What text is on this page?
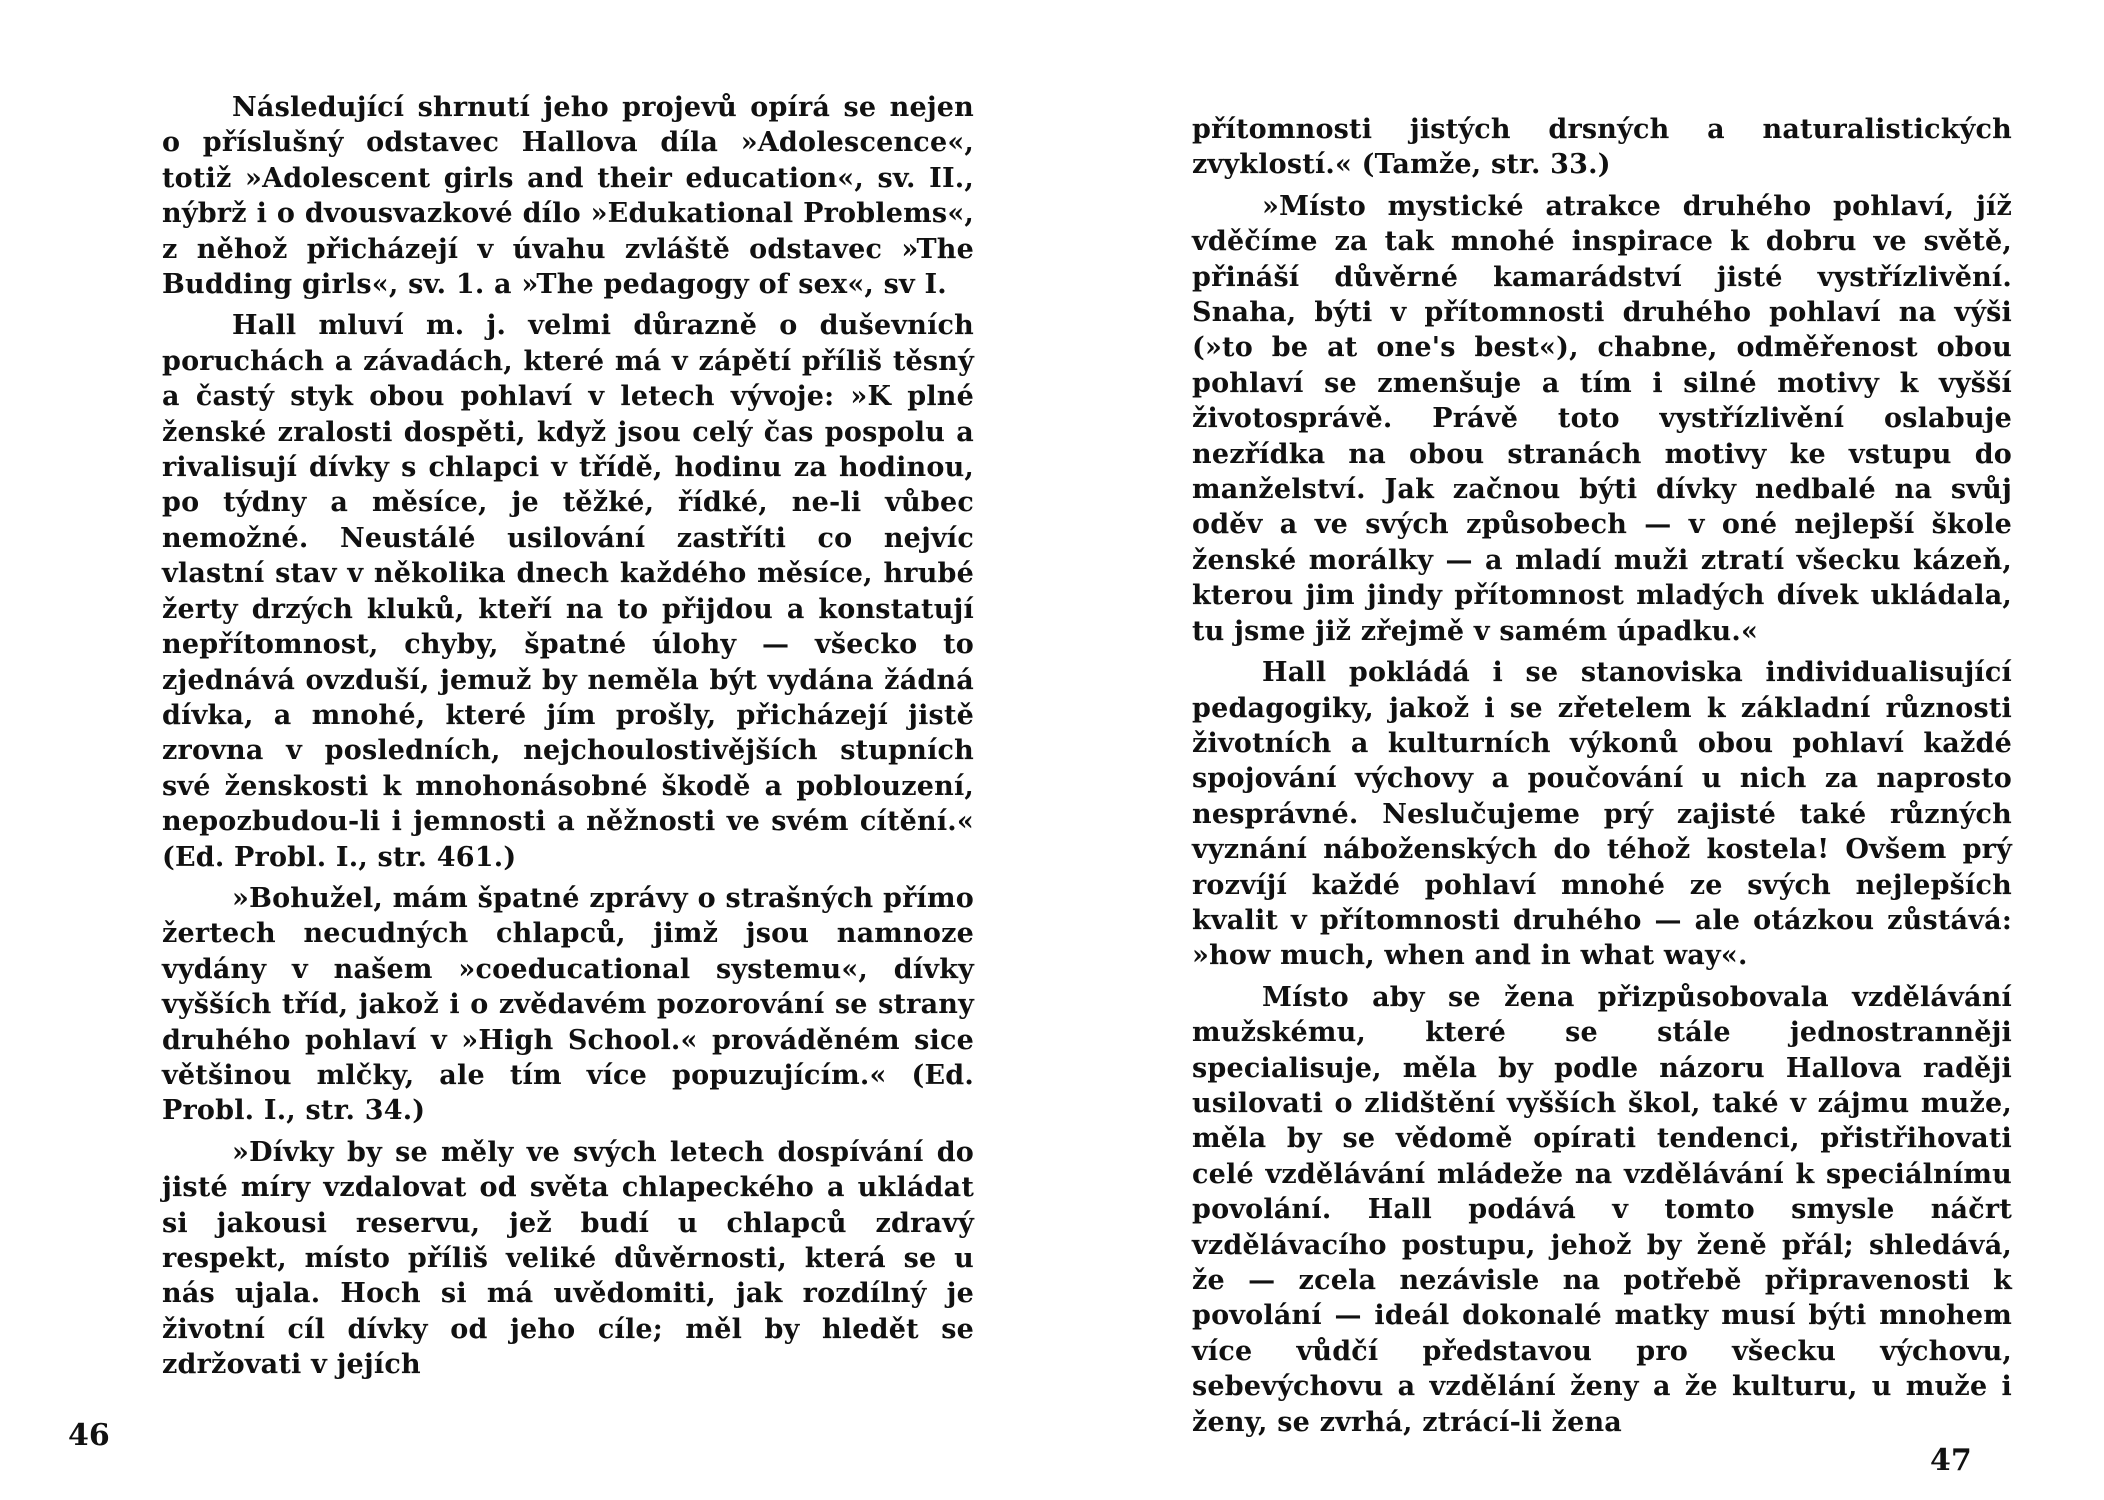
Následující shrnutí jeho projevů opírá se nejen o příslušný odstavec Hallova díla »Adolescence«, totiž »Adolescent girls and their education«, sv. II., nýbrž i o dvousvazkové dílo »Edukational Problems«, z něhož přicházejí v úvahu zvláště odstavec »The Budding girls«, sv. 1. a »The pedagogy of sex«, sv I.

Hall mluví m. j. velmi důrazně o duševních poruchách a závadách, které má v zápětí příliš těsný a častý styk obou pohlaví v letech vývoje: »K plné ženské zralosti dospěti, když jsou celý čas pospolu a rivalisují dívky s chlapci v třídě, hodinu za hodinou, po týdny a měsíce, je těžké, řídké, ne-li vůbec nemožné. Neustálé usilování zastříti co nejvíc vlastní stav v několika dnech každého měsíce, hrubé žerty drzých kluků, kteří na to přijdou a konstatují nepřítomnost, chyby, špatné úlohy — všecko to zjednává ovzduší, jemuž by neměla být vydána žádná dívka, a mnohé, které jím prošly, přicházejí jistě zrovna v posledních, nejchoulostivějších stupních své ženskosti k mnohonásobné škodě a poblouzení, nepozbudou-li i jemnosti a něžnosti ve svém cítění.« (Ed. Probl. I., str. 461.)

»Bohužel, mám špatné zprávy o strašných přímo žertech necudných chlapců, jimž jsou namnoze vydány v našem »coeducational systemu«, dívky vyšších tříd, jakož i o zvědavém pozorování se strany druhého pohlaví v »High School.« prováděném sice většinou mlčky, ale tím více popuzujícím.« (Ed. Probl. I., str. 34.)

»Dívky by se měly ve svých letech dospívání do jisté míry vzdalovat od světa chlapeckého a ukládat si jakousi reservu, jež budí u chlapců zdravý respekt, místo příliš veliké důvěrnosti, která se u nás ujala. Hoch si má uvědomiti, jak rozdílný je životní cíl dívky od jeho cíle; měl by hledět se zdržovati v jejích

46

přítomnosti jistých drsných a naturalistických zvyklostí.« (Tamže, str. 33.)

»Místo mystické atrakce druhého pohlaví, jíž vděčíme za tak mnohé inspirace k dobru ve světě, přináší důvěrné kamarádství jisté vystřízlivění. Snaha, býti v přítomnosti druhého pohlaví na výši (»to be at one's best«), chabne, odměřenost obou pohlaví se zmenšuje a tím i silné motivy k vyšší životosprávě. Právě toto vystřízlivění oslabuje nezřídka na obou stranách motivy ke vstupu do manželství. Jak začnou býti dívky nedbalé na svůj oděv a ve svých způsobech — v oné nejlepší škole ženské morálky — a mladí muži ztratí všecku kázeň, kterou jim jindy přítomnost mladých dívek ukládala, tu jsme již zřejmě v samém úpadku.«

Hall pokládá i se stanoviska individualisující pedagogiky, jakož i se zřetelem k základní různosti životních a kulturních výkonů obou pohlaví každé spojování výchovy a poučování u nich za naprosto nesprávné. Neslučujeme prý zajisté také různých vyznání náboženských do téhož kostela! Ovšem prý rozvíjí každé pohlaví mnohé ze svých nejlepších kvalit v přítomnosti druhého — ale otázkou zůstává: »how much, when and in what way«.

Místo aby se žena přizpůsobovala vzdělávání mužskému, které se stále jednostranněji specialisuje, měla by podle názoru Hallova raději usilovati o zlidštění vyšších škol, také v zájmu muže, měla by se vědomě opírati tendenci, přistřihovati celé vzdělávání mládeže na vzdělávání k speciálnímu povolání. Hall podává v tomto smysle náčrt vzdělávacího postupu, jehož by ženě přál; shledává, že — zcela nezávisle na potřebě připravenosti k povolání — ideál dokonalé matky musí býti mnohem více vůdčí představou pro všecku výchovu, sebevýchovu a vzdělání ženy a že kulturu, u muže i ženy, se zvrhá, ztrácí-li žena

47
